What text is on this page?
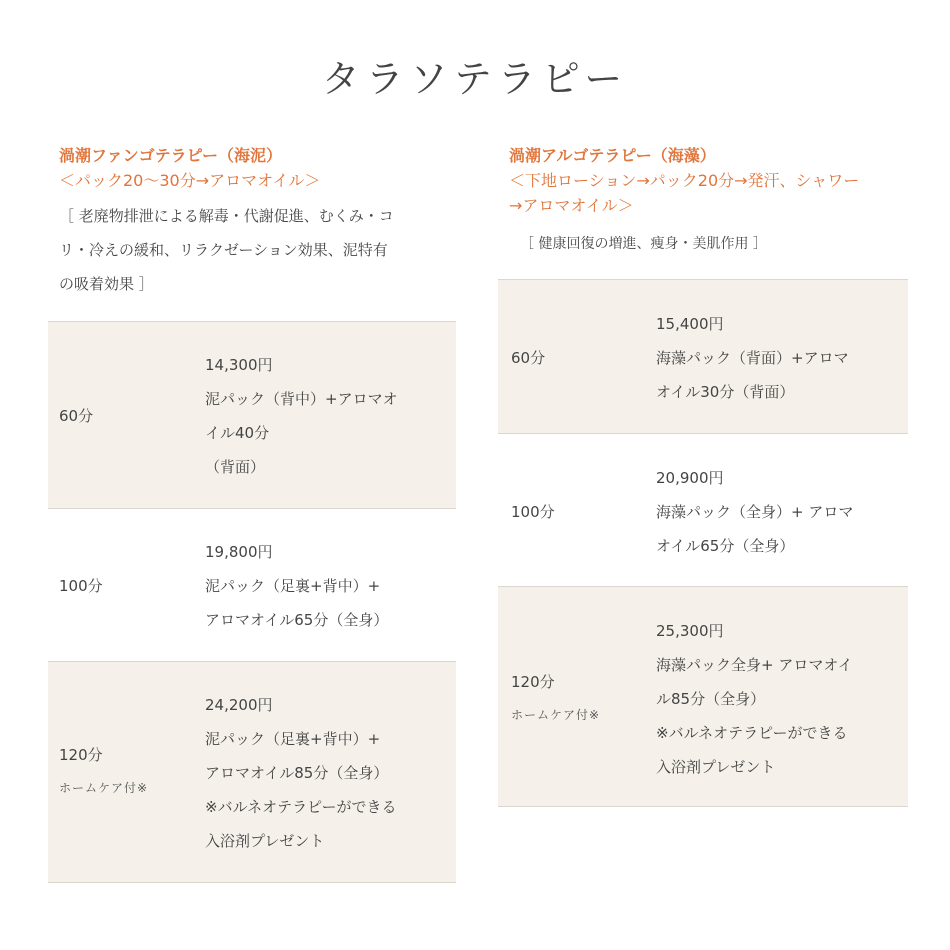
タラソテラピー

渦潮ファンゴテラピー（海泥）

＜パック20～30分→アロマオイル＞

［ 老廃物排泄による解毒・代謝促進、むくみ・コ
リ・冷えの緩和、リラクゼーション効果、泥特有
の吸着効果 ］
60分
14,300円
泥パック（背中）+アロマオ
イル40分
（背面）
100分
19,800円
泥パック（足裏+背中）+
アロマオイル65分（全身）
120分
ホームケア付※
24,200円
泥パック（足裏+背中）+
アロマオイル85分（全身）
※バルネオテラピーができる
入浴剤プレゼント

渦潮アルゴテラピー（海藻）

＜下地ローション→パック20分→発汗、シャワー

→アロマオイル＞

［ 健康回復の増進、痩身・美肌作用 ］
60分
15,400円
海藻パック（背面）+アロマ
オイル30分（背面）
100分
20,900円
海藻パック（全身）+ アロマ
オイル65分（全身）
120分
ホームケア付※
25,300円
海藻パック全身+ アロマオイ
ル85分（全身）
※バルネオテラピーができる
入浴剤プレゼント
